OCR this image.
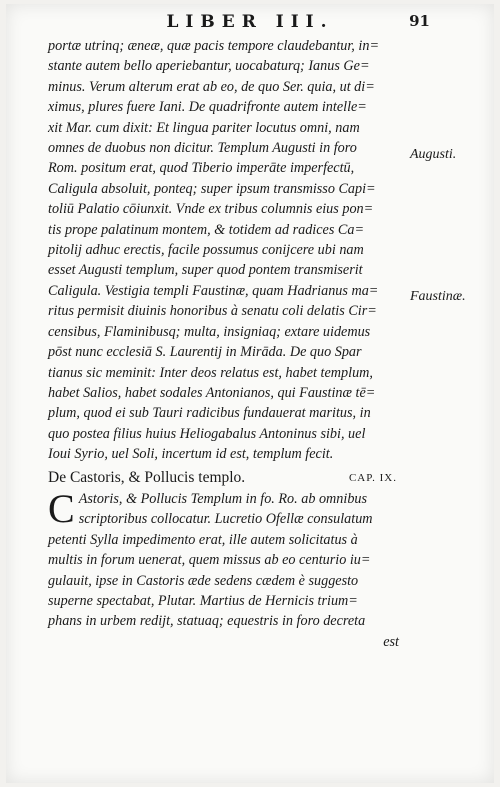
LIBER III.	91
portæ utrinq; æneæ, quæ pacis tempore claudebantur, in=
stante autem bello aperiebantur, uocabaturq; Ianus Ge=
minus. Verum alterum erat ab eo, de quo Ser. quia, ut di=
ximus, plures fuere Iani. De quadrifronte autem intelle=
xit Mar. cum dixit: Et lingua pariter locutus omni, nam
omnes de duobus non dicitur. Templum Augusti in foro
Rom. positum erat, quod Tiberio imperāte imperfectū,
Caligula absoluit, ponteq; super ipsum transmisso Capi=
toliū Palatio cōiunxit. Vnde ex tribus columnis eius pon=
tis prope palatinum montem, & totidem ad radices Ca=
pitolij adhuc erectis, facile possumus conijcere ubi nam
esset Augusti templum, super quod pontem transmiserit
Caligula. Vestigia templi Faustinæ, quam Hadrianus ma=
ritus permisit diuinis honoribus à senatu coli delatis Cir=
censibus, Flaminibusq; multa, insigniaq; extare uidemus
pōst nunc ecclesiā S. Laurentij in Mirāda. De quo Spar
tianus sic meminit: Inter deos relatus est, habet templum,
habet Salios, habet sodales Antonianos, qui Faustinæ tē=
plum, quod ei sub Tauri radicibus fundauerat maritus, in
quo postea filius huius Heliogabalus Antoninus sibi, uel
Ioui Syrio, uel Soli, incertum id est, templum fecit.
De Castoris, & Pollucis templo.	CAP. IX.
C Astoris, & Pollucis Templum in fo. Ro. ab omnibus
scriptoribus collocatur. Lucretio Ofellæ consulatum
petenti Sylla impedimento erat, ille autem solicitatus à
multis in forum uenerat, quem missus ab eo centurio iu=
gulauit, ipse in Castoris æde sedens cædem è suggesto
superne spectabat, Plutar. Martius de Hernicis trium=
phans in urbem redijt, statuaq; equestris in foro decreta
est
Augusti.
Faustinæ.
